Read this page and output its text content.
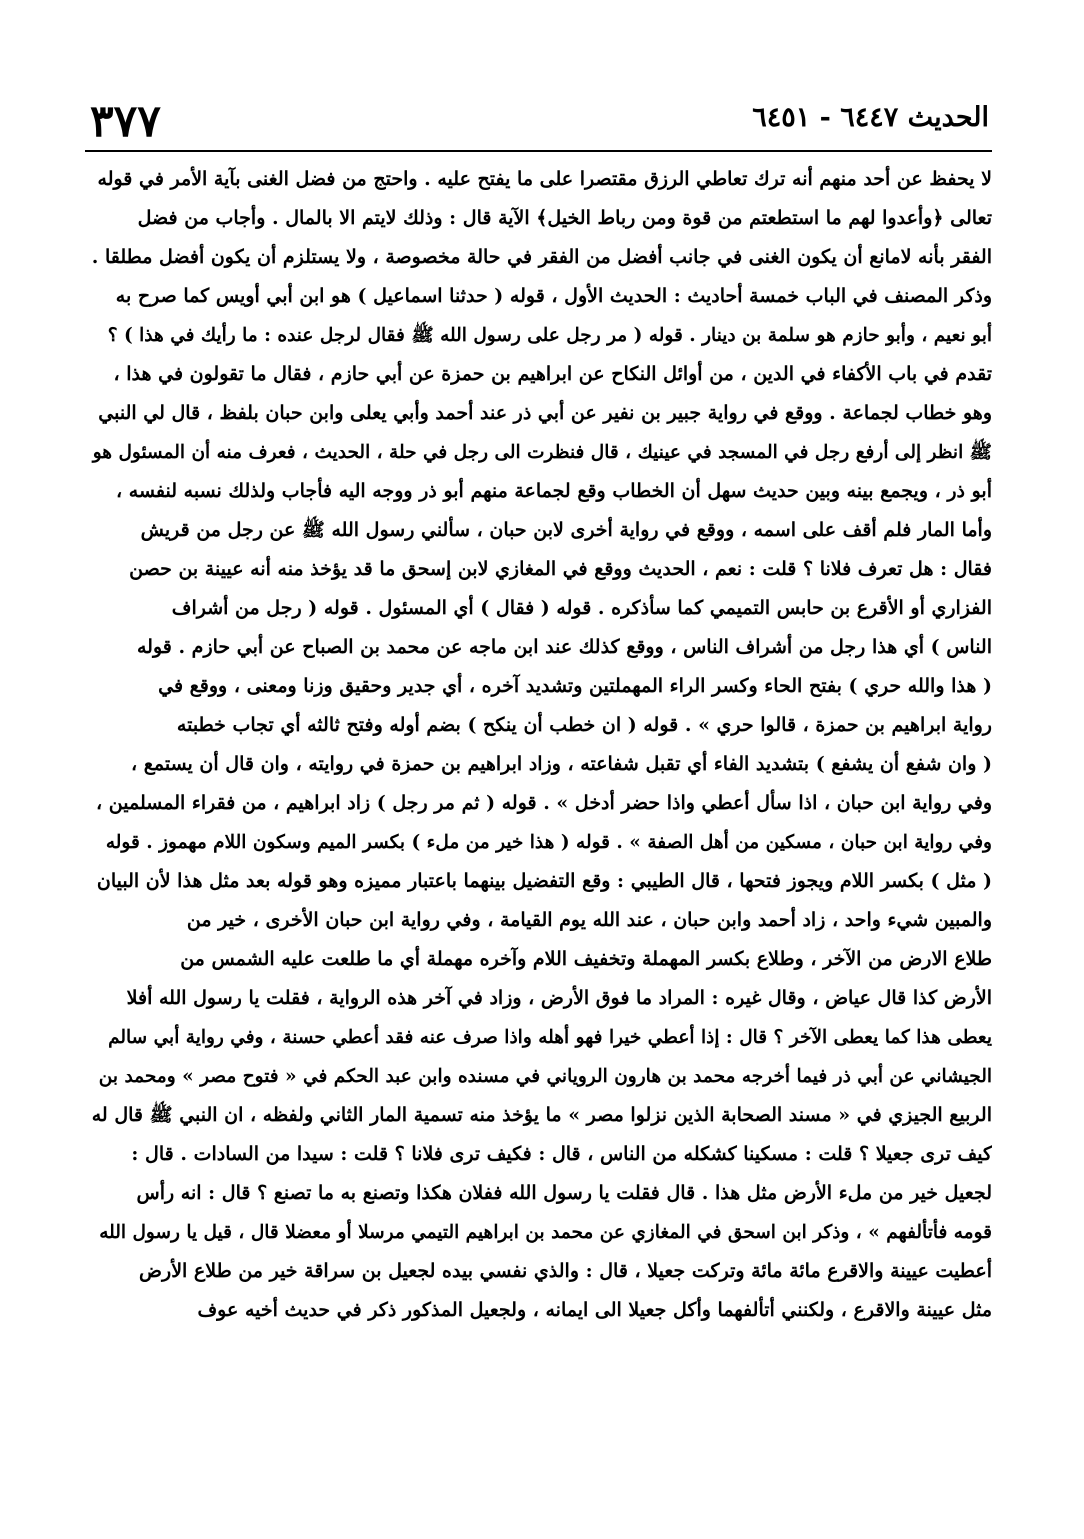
الحديث ٦٤٤٧ - ٦٤٥١
٣٧٧
لا يحفظ عن أحد منهم أنه ترك تعاطي الرزق مقتصرا على ما يفتح عليه . واحتج من فضل الغنى بآية الأمر في قوله
تعالى ﴿وأعدوا لهم ما استطعتم من قوة ومن رباط الخيل﴾ الآية قال : وذلك لايتم الا بالمال . وأجاب من فضل
الفقر بأنه لامانع أن يكون الغنى في جانب أفضل من الفقر في حالة مخصوصة ، ولا يستلزم أن يكون أفضل مطلقا .
وذكر المصنف في الباب خمسة أحاديث : الحديث الأول ، قوله ( حدثنا اسماعيل ) هو ابن أبي أويس كما صرح به
أبو نعيم ، وأبو حازم هو سلمة بن دينار . قوله ( مر رجل على رسول الله ﷺ فقال لرجل عنده : ما رأيك في هذا ) ؟
تقدم في باب الأكفاء في الدين ، من أوائل النكاح عن ابراهيم بن حمزة عن أبي حازم ، فقال ما تقولون في هذا ،
وهو خطاب لجماعة . ووقع في رواية جبير بن نفير عن أبي ذر عند أحمد وأبي يعلى وابن حبان بلفظ ، قال لي النبي
ﷺ انظر إلى أرفع رجل في المسجد في عينيك ، قال فنظرت الى رجل في حلة ، الحديث ، فعرف منه أن المسئول هو
أبو ذر ، ويجمع بينه وبين حديث سهل أن الخطاب وقع لجماعة منهم أبو ذر ووجه اليه فأجاب ولذلك نسبه لنفسه ،
وأما المار فلم أقف على اسمه ، ووقع في رواية أخرى لابن حبان ، سألني رسول الله ﷺ عن رجل من قريش
فقال : هل تعرف فلانا ؟ قلت : نعم ، الحديث ووقع في المغازي لابن إسحق ما قد يؤخذ منه أنه عيينة بن حصن
الفزاري أو الأقرع بن حابس التميمي كما سأذكره . قوله ( فقال ) أي المسئول . قوله ( رجل من أشراف
الناس ) أي هذا رجل من أشراف الناس ، ووقع كذلك عند ابن ماجه عن محمد بن الصباح عن أبي حازم . قوله
( هذا والله حري ) بفتح الحاء وكسر الراء المهملتين وتشديد آخره ، أي جدير وحقيق وزنا ومعنى ، ووقع في
رواية ابراهيم بن حمزة ، قالوا حري » . قوله ( ان خطب أن ينكح ) بضم أوله وفتح ثالثه أي تجاب خطبته
( وان شفع أن يشفع ) بتشديد الفاء أي تقبل شفاعته ، وزاد ابراهيم بن حمزة في روايته ، وان قال أن يستمع ،
وفي رواية ابن حبان ، اذا سأل أعطي واذا حضر أدخل » . قوله ( ثم مر رجل ) زاد ابراهيم ، من فقراء المسلمين ،
وفي رواية ابن حبان ، مسكين من أهل الصفة » . قوله ( هذا خير من ملء ) بكسر الميم وسكون اللام مهموز . قوله
( مثل ) بكسر اللام ويجوز فتحها ، قال الطيبي : وقع التفضيل بينهما باعتبار مميزه وهو قوله بعد مثل هذا لأن البيان
والمبين شيء واحد ، زاد أحمد وابن حبان ، عند الله يوم القيامة ، وفي رواية ابن حبان الأخرى ، خير من
طلاع الارض من الآخر ، وطلاع بكسر المهملة وتخفيف اللام وآخره مهملة أي ما طلعت عليه الشمس من
الأرض كذا قال عياض ، وقال غيره : المراد ما فوق الأرض ، وزاد في آخر هذه الرواية ، فقلت يا رسول الله أفلا
يعطى هذا كما يعطى الآخر ؟ قال : إذا أعطي خيرا فهو أهله واذا صرف عنه فقد أعطي حسنة ، وفي رواية أبي سالم
الجيشاني عن أبي ذر فيما أخرجه محمد بن هارون الروياني في مسنده وابن عبد الحكم في « فتوح مصر » ومحمد بن
الربيع الجيزي في « مسند الصحابة الذين نزلوا مصر » ما يؤخذ منه تسمية المار الثاني ولفظه ، ان النبي ﷺ قال له
كيف ترى جعيلا ؟ قلت : مسكينا كشكله من الناس ، قال : فكيف ترى فلانا ؟ قلت : سيدا من السادات . قال :
لجعيل خير من ملء الأرض مثل هذا . قال فقلت يا رسول الله ففلان هكذا وتصنع به ما تصنع ؟ قال : انه رأس
قومه فأتألفهم » ، وذكر ابن اسحق في المغازي عن محمد بن ابراهيم التيمي مرسلا أو معضلا قال ، قيل يا رسول الله
أعطيت عيينة والاقرع مائة مائة وتركت جعيلا ، قال : والذي نفسي بيده لجعيل بن سراقة خير من طلاع الأرض
مثل عيينة والاقرع ، ولكنني أتألفهما وأكل جعيلا الى ايمانه ، ولجعيل المذكور ذكر في حديث أخيه عوف
